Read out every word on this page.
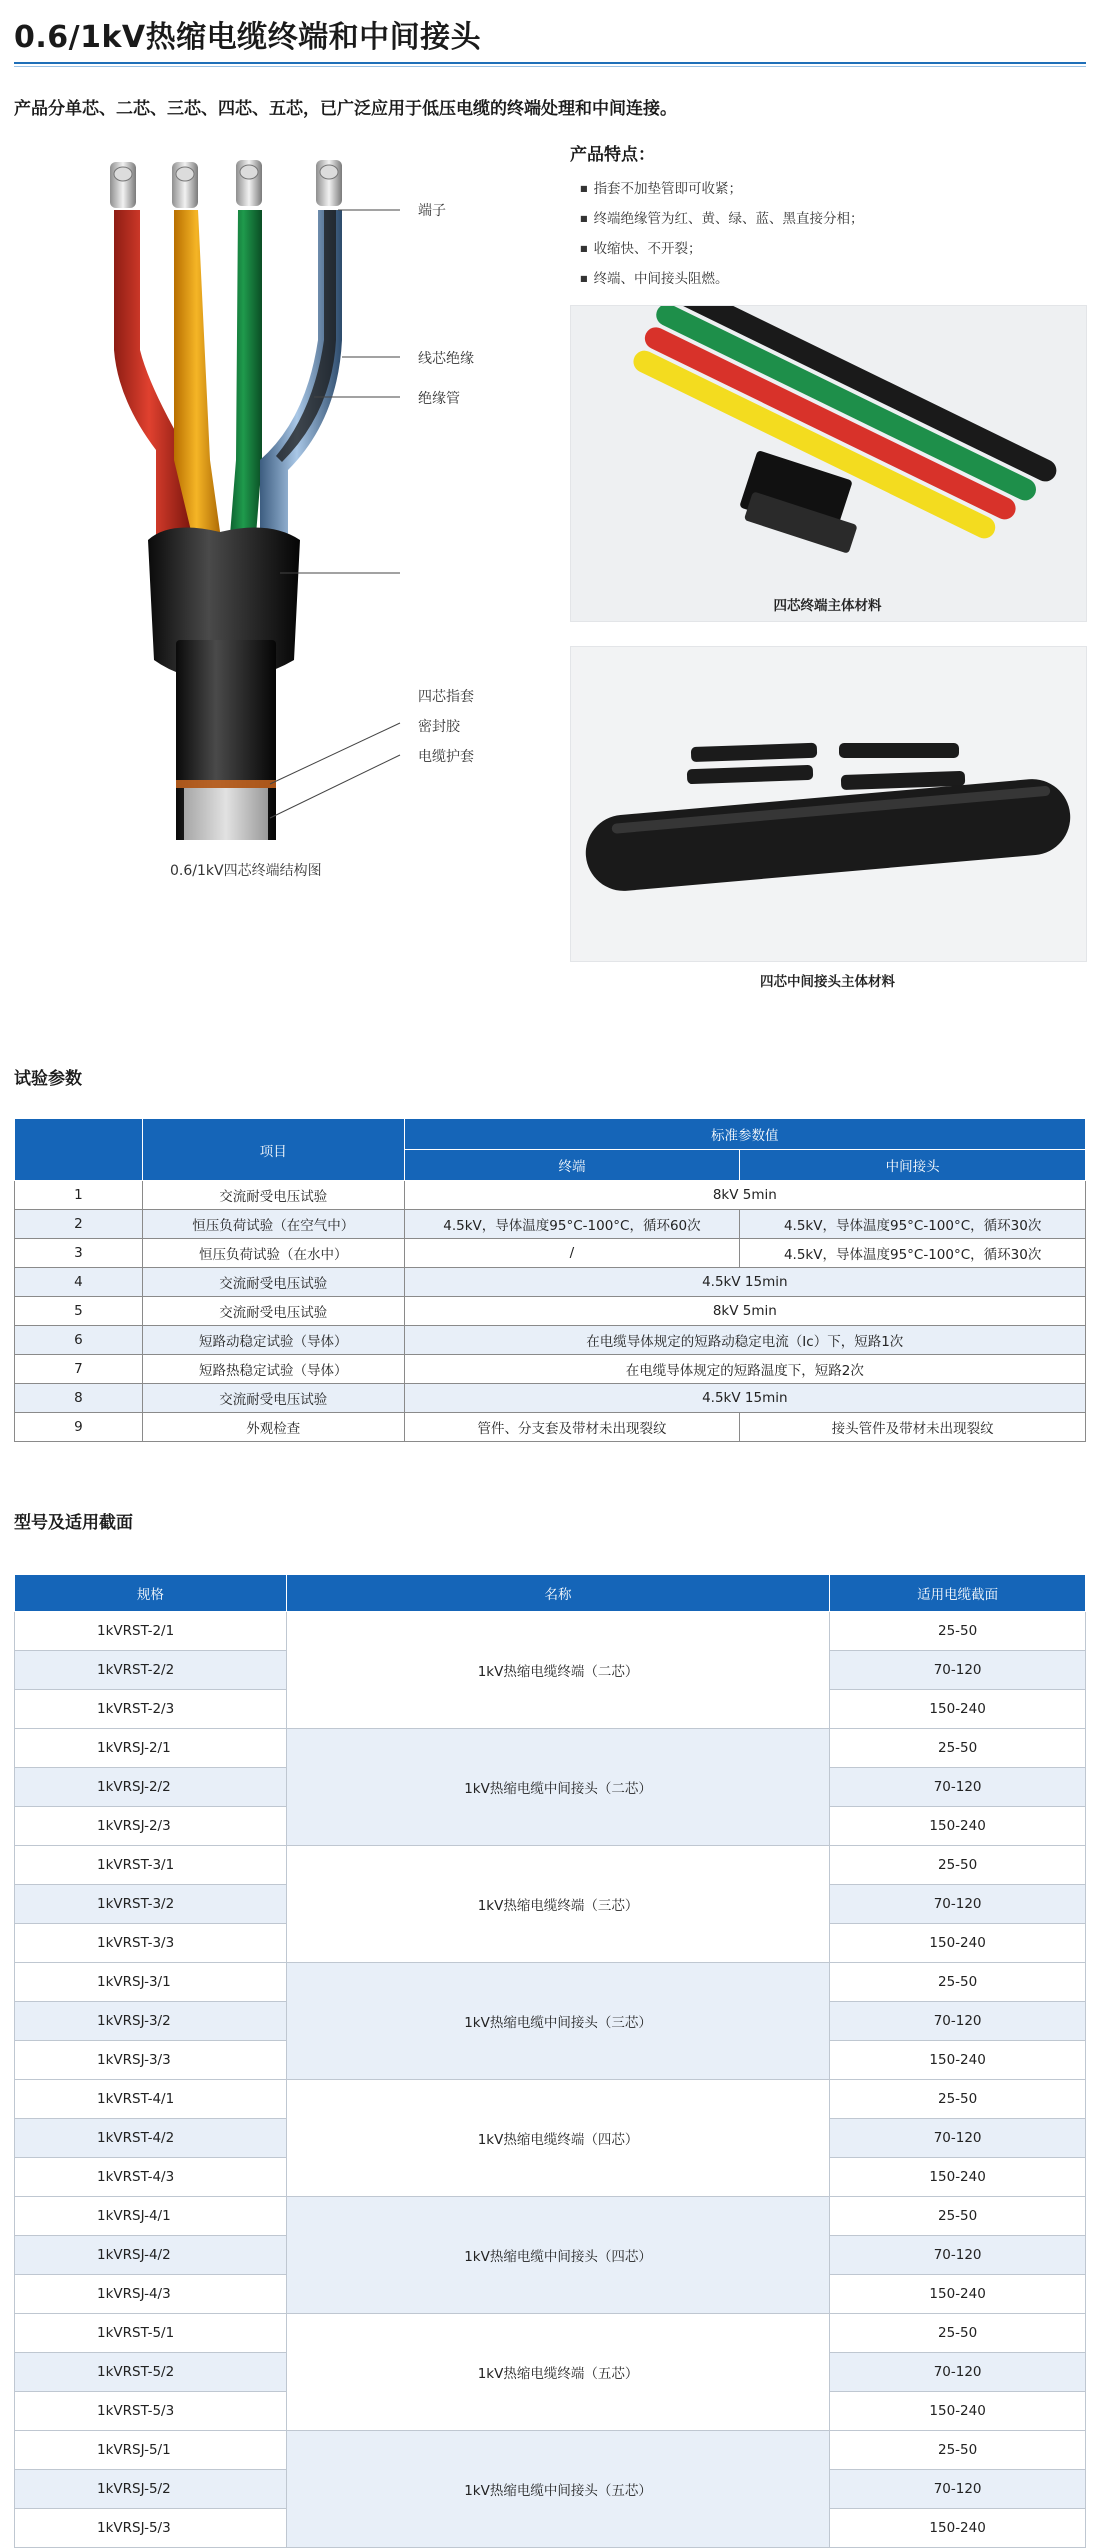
0.6/1kV热缩电缆终端和中间接头
产品分单芯、二芯、三芯、四芯、五芯，已广泛应用于低压电缆的终端处理和中间连接。
端子
线芯绝缘
绝缘管
四芯指套
密封胶
电缆护套
0.6/1kV四芯终端结构图
产品特点：
■ 指套不加垫管即可收紧；
■ 终端绝缘管为红、黄、绿、蓝、黑直接分相；
■ 收缩快、不开裂；
■ 终端、中间接头阻燃。
四芯终端主体材料
四芯中间接头主体材料
试验参数
	项目	标准参数值	
		终端	中间接头
1	交流耐受电压试验	8kV 5min	
2	恒压负荷试验（在空气中）	4.5kV，导体温度95°C-100°C，循环60次	4.5kV，导体温度95°C-100°C，循环30次
3	恒压负荷试验（在水中）	/	4.5kV，导体温度95°C-100°C，循环30次
4	交流耐受电压试验	4.5kV 15min	
5	交流耐受电压试验	8kV 5min	
6	短路动稳定试验（导体）	在电缆导体规定的短路动稳定电流（Ic）下，短路1次	
7	短路热稳定试验（导体）	在电缆导体规定的短路温度下，短路2次	
8	交流耐受电压试验	4.5kV 15min	
9	外观检查	管件、分支套及带材未出现裂纹	接头管件及带材未出现裂纹
型号及适用截面
规格	名称	适用电缆截面
1kVRST-2/1	1kV热缩电缆终端（二芯）	25-50
1kVRST-2/2		70-120
1kVRST-2/3		150-240
1kVRSJ-2/1	1kV热缩电缆中间接头（二芯）	25-50
1kVRSJ-2/2		70-120
1kVRSJ-2/3		150-240
1kVRST-3/1	1kV热缩电缆终端（三芯）	25-50
1kVRST-3/2		70-120
1kVRST-3/3		150-240
1kVRSJ-3/1	1kV热缩电缆中间接头（三芯）	25-50
1kVRSJ-3/2		70-120
1kVRSJ-3/3		150-240
1kVRST-4/1	1kV热缩电缆终端（四芯）	25-50
1kVRST-4/2		70-120
1kVRST-4/3		150-240
1kVRSJ-4/1	1kV热缩电缆中间接头（四芯）	25-50
1kVRSJ-4/2		70-120
1kVRSJ-4/3		150-240
1kVRST-5/1	1kV热缩电缆终端（五芯）	25-50
1kVRST-5/2		70-120
1kVRST-5/3		150-240
1kVRSJ-5/1	1kV热缩电缆中间接头（五芯）	25-50
1kVRSJ-5/2		70-120
1kVRSJ-5/3		150-240
